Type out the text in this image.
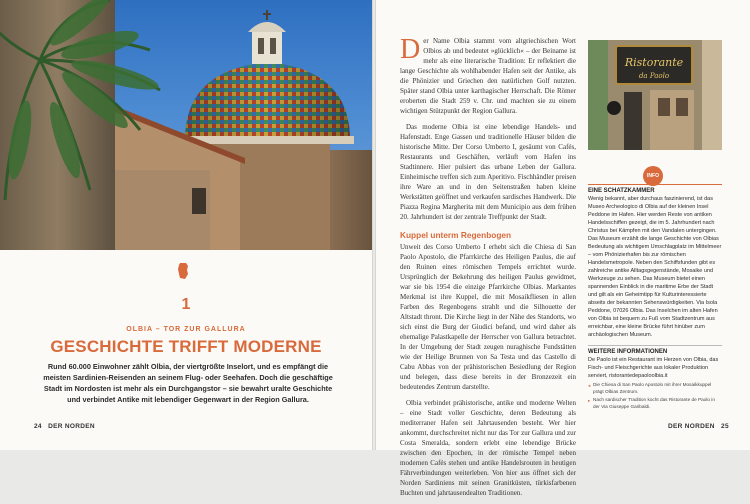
1
OLBIA – TOR ZUR GALLURA
GESCHICHTE TRIFFT MODERNE
Rund 60.000 Einwohner zählt Olbia, der viertgrößte Inselort, und es empfängt die meisten Sardinien-Reisenden an seinem Flug- oder Seehafen. Doch die geschäftige Stadt im Nordosten ist mehr als ein Durchgangstor – sie bewahrt uralte Geschichte und verbindet Antike mit lebendiger Gegenwart in der Region Gallura.
24 DER NORDEN
D er Name Olbia stammt vom altgriechischen Wort Olbios ab und bedeutet »glücklich« – der Beiname ist mehr als eine literarische Tradition: Er reflektiert die lange Geschichte als wohlhabender Hafen seit der Antike, als die Phönizier und Griechen den natürlichen Golf nutzten. Später stand Olbia unter karthagischer Herrschaft. Die Römer eroberten die Stadt 259 v. Chr. und machten sie zu einem wichtigen Stützpunkt der Region Gallura.

Das moderne Olbia ist eine lebendige Handels- und Hafenstadt. Enge Gassen und traditionelle Häuser bilden die historische Mitte. Der Corso Umberto I, gesäumt von Cafés, Restaurants und Geschäften, verläuft vom Hafen ins Stadtinnere. Hier pulsiert das urbane Leben der Gallura. Einheimische treffen sich zum Aperitivo. Fischhändler preisen ihre Ware an und in den Seitenstraßen haben kleine Werkstätten geöffnet und verkaufen sardisches Handwerk. Die Piazza Regina Margherita mit dem Municipio aus dem frühen 20. Jahrhundert ist der zentrale Treffpunkt der Stadt.

Kuppel unterm Regenbogen

Unweit des Corso Umberto I erhebt sich die Chiesa di San Paolo Apostolo, die Pfarrkirche des Heiligen Paulus, die auf den Ruinen eines römischen Tempels errichtet wurde. Ursprünglich der Bekehrung des heiligen Paulus gewidmet, war sie bis 1954 die einzige Pfarrkirche Olbias. Markantes Merkmal ist ihre Kuppel, die mit Mosaikfliesen in allen Farben des Regenbogens strahlt und die Silhouette der Altstadt thront. Die Kirche liegt in der Nähe des Standorts, wo sich einst die Burg der Giudici befand, und wird daher als ehemalige Palastkapelle der Herrscher von Gallura betrachtet. In der Umgebung der Stadt zeugen nuraghische Fundstätten wie der Heilige Brunnen von Sa Testa und das Castello di Cabu Abbas von der prähistorischen Besiedlung der Region und belegen, dass diese bereits in der Bronzezeit ein bedeutendes Zentrum darstellte.

Olbia verbindet prähistorische, antike und moderne Welten – eine Stadt voller Geschichte, deren Bedeutung als mediterraner Hafen seit Jahrtausenden besteht. Wer hier ankommt, durchschreitet nicht nur das Tor zur Gallura und zur Costa Smeralda, sondern erlebt eine lebendige Brücke zwischen den Epochen, in der römische Tempel neben modernen Cafés stehen und antike Handelsrouten in heutigen Fährverbindungen weiterleben. Von hier aus öffnet sich der Norden Sardiniens mit seinen Granitküsten, türkisfarbenen Buchten und jahrtausendealten Traditionen.

Ristorante
da Paolo
INFO
EINE SCHATZKAMMER

Wenig bekannt, aber durchaus faszinierend, ist das Museo Archeologico di Olbia auf der kleinen Insel Peddone im Hafen. Hier werden Reste von antiken Handelsschiffen gezeigt, die im 5. Jahrhundert nach Christus bei Kämpfen mit den Vandalen untergingen. Das Museum erzählt die lange Geschichte von Olbias Bedeutung als wichtigem Umschlagplatz im Mittelmeer – vom Phönizierhafen bis zur römischen Handelsmetropole. Neben den Schiffsfunden gibt es zahlreiche antike Alltagsgegenstände, Mosaike und Werkzeuge zu sehen. Das Museum bietet einen spannenden Einblick in die maritime Erbe der Stadt und gilt als ein Geheimtipp für Kulturinteressierte abseits der bekannten Sehenswürdigkeiten. Via Isola Peddone, 07026 Olbia. Das Inselchen im alten Hafen von Olbia ist bequem zu Fuß vom Stadtzentrum aus erreichbar, eine kleine Brücke führt hinüber zum archäologischen Museum.

WEITERE INFORMATIONEN

De Paolo ist ein Restaurant im Herzen von Olbia, das Fisch- und Fleischgerichte aus lokaler Produktion serviert, ristorantedepaoloolbia.it

◂ Die Chiesa di San Paolo Apostolo mit ihrer Mosaikkuppel prägt Olbias Zentrum.
▸ Nach sardischer Tradition kocht das Ristorante de Paolo in der Via Giuseppe Garibaldi.
DER NORDEN 25
